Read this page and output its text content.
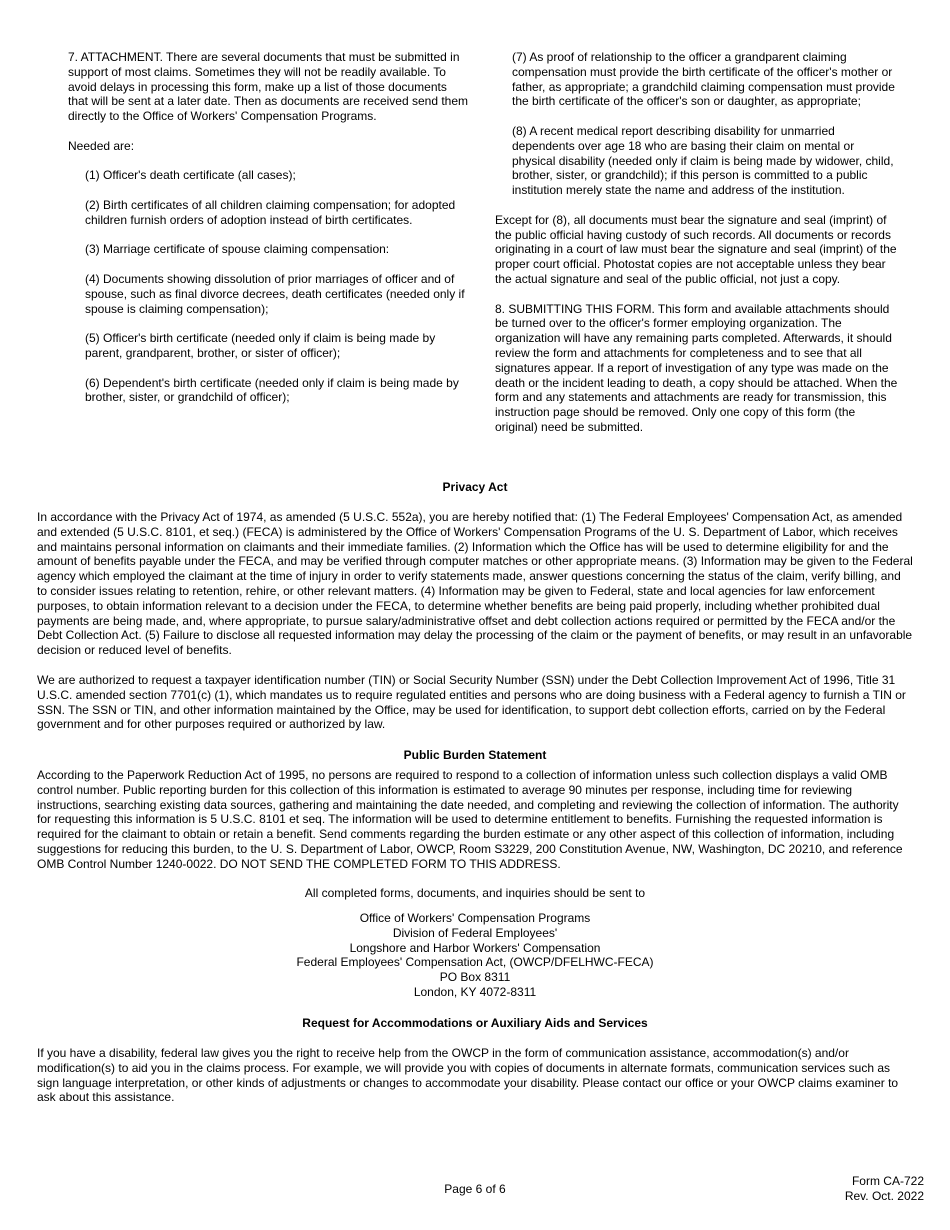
7. ATTACHMENT. There are several documents that must be submitted in support of most claims. Sometimes they will not be readily available. To avoid delays in processing this form, make up a list of those documents that will be sent at a later date. Then as documents are received send them directly to the Office of Workers' Compensation Programs.

Needed are:

(1) Officer's death certificate (all cases);

(2) Birth certificates of all children claiming compensation; for adopted children furnish orders of adoption instead of birth certificates.

(3) Marriage certificate of spouse claiming compensation:

(4) Documents showing dissolution of prior marriages of officer and of spouse, such as final divorce decrees, death certificates (needed only if spouse is claiming compensation);

(5) Officer's birth certificate (needed only if claim is being made by parent, grandparent, brother, or sister of officer);

(6) Dependent's birth certificate (needed only if claim is being made by brother, sister, or grandchild of officer);

(7) As proof of relationship to the officer a grandparent claiming compensation must provide the birth certificate of the officer's mother or father, as appropriate; a grandchild claiming compensation must provide the birth certificate of the officer's son or daughter, as appropriate;

(8) A recent medical report describing disability for unmarried dependents over age 18 who are basing their claim on mental or physical disability (needed only if claim is being made by widower, child, brother, sister, or grandchild); if this person is committed to a public institution merely state the name and address of the institution.

Except for (8), all documents must bear the signature and seal (imprint) of the public official having custody of such records. All documents or records originating in a court of law must bear the signature and seal (imprint) of the proper court official. Photostat copies are not acceptable unless they bear the actual signature and seal of the public official, not just a copy.

8. SUBMITTING THIS FORM. This form and available attachments should be turned over to the officer's former employing organization. The organization will have any remaining parts completed. Afterwards, it should review the form and attachments for completeness and to see that all signatures appear. If a report of investigation of any type was made on the death or the incident leading to death, a copy should be attached. When the form and any statements and attachments are ready for transmission, this instruction page should be removed. Only one copy of this form (the original) need be submitted.

Privacy Act
In accordance with the Privacy Act of 1974, as amended (5 U.S.C. 552a), you are hereby notified that: (1) The Federal Employees' Compensation Act, as amended and extended (5 U.S.C. 8101, et seq.) (FECA) is administered by the Office of Workers' Compensation Programs of the U. S. Department of Labor, which receives and maintains personal information on claimants and their immediate families. (2) Information which the Office has will be used to determine eligibility for and the amount of benefits payable under the FECA, and may be verified through computer matches or other appropriate means. (3) Information may be given to the Federal agency which employed the claimant at the time of injury in order to verify statements made, answer questions concerning the status of the claim, verify billing, and to consider issues relating to retention, rehire, or other relevant matters. (4) Information may be given to Federal, state and local agencies for law enforcement purposes, to obtain information relevant to a decision under the FECA, to determine whether benefits are being paid properly, including whether prohibited dual payments are being made, and, where appropriate, to pursue salary/administrative offset and debt collection actions required or permitted by the FECA and/or the Debt Collection Act. (5) Failure to disclose all requested information may delay the processing of the claim or the payment of benefits, or may result in an unfavorable decision or reduced level of benefits.
We are authorized to request a taxpayer identification number (TIN) or Social Security Number (SSN) under the Debt Collection Improvement Act of 1996, Title 31 U.S.C. amended section 7701(c) (1), which mandates us to require regulated entities and persons who are doing business with a Federal agency to furnish a TIN or SSN. The SSN or TIN, and other information maintained by the Office, may be used for identification, to support debt collection efforts, carried on by the Federal government and for other purposes required or authorized by law.
Public Burden Statement
According to the Paperwork Reduction Act of 1995, no persons are required to respond to a collection of information unless such collection displays a valid OMB control number. Public reporting burden for this collection of this information is estimated to average 90 minutes per response, including time for reviewing instructions, searching existing data sources, gathering and maintaining the date needed, and completing and reviewing the collection of information. The authority for requesting this information is 5 U.S.C. 8101 et seq. The information will be used to determine entitlement to benefits. Furnishing the requested information is required for the claimant to obtain or retain a benefit. Send comments regarding the burden estimate or any other aspect of this collection of information, including suggestions for reducing this burden, to the U. S. Department of Labor, OWCP, Room S3229, 200 Constitution Avenue, NW, Washington, DC 20210, and reference OMB Control Number 1240-0022. DO NOT SEND THE COMPLETED FORM TO THIS ADDRESS.
All completed forms, documents, and inquiries should be sent to
Office of Workers' Compensation Programs
Division of Federal Employees'
Longshore and Harbor Workers' Compensation
Federal Employees' Compensation Act, (OWCP/DFELHWC-FECA)
PO Box 8311
London, KY 4072-8311
Request for Accommodations or Auxiliary Aids and Services
If you have a disability, federal law gives you the right to receive help from the OWCP in the form of communication assistance, accommodation(s) and/or modification(s) to aid you in the claims process. For example, we will provide you with copies of documents in alternate formats, communication services such as sign language interpretation, or other kinds of adjustments or changes to accommodate your disability. Please contact our office or your OWCP claims examiner to ask about this assistance.
Page 6 of 6
Form CA-722
Rev. Oct. 2022
